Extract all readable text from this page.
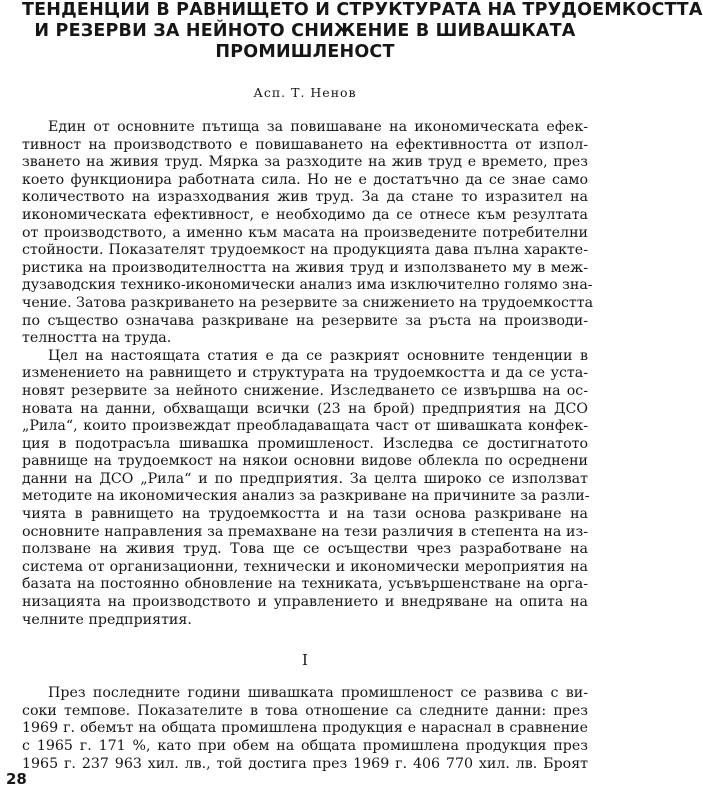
ТЕНДЕНЦИИ В РАВНИЩЕТО И СТРУКТУРАТА НА ТРУДОЕМКОСТТА
И РЕЗЕРВИ ЗА НЕЙНОТО СНИЖЕНИЕ В ШИВАШКАТА
ПРОМИШЛЕНОСТ
Асп. Т. Ненов
Един от основните пътища за повишаване на икономическата ефек-
тивност на производството е повишаването на ефективността от изпол-
зването на живия труд. Мярка за разходите на жив труд е времето, през
което функционира работната сила. Но не е достатъчно да се знае само
количеството на изразходвания жив труд. За да стане то изразител на
икономическата ефективност, е необходимо да се отнесе към резултата
от производството, а именно към масата на произведените потребителни
стойности. Показателят трудоемкост на продукцията дава пълна характе-
ристика на производителността на живия труд и използването му в меж-
дузаводския технико-икономически анализ има изключително голямо зна-
чение. Затова разкриването на резервите за снижението на трудоемкостта
по същество означава разкриване на резервите за ръста на производи-
телността на труда.
Цел на настоящата статия е да се разкрият основните тенденции в
изменението на равнището и структурата на трудоемкостта и да се уста-
новят резервите за нейното снижение. Изследването се извършва на ос-
новата на данни, обхващащи всички (23 на брой) предприятия на ДСО
„Рила“, които произвеждат преобладаващата част от шивашката конфек-
ция в подотрасъла шивашка промишленост. Изследва се достигнатото
равнище на трудоемкост на някои основни видове облекла по осреднени
данни на ДСО „Рила“ и по предприятия. За целта широко се използват
методите на икономическия анализ за разкриване на причините за разли-
чията в равнището на трудоемкостта и на тази основа разкриване на
основните направления за премахване на тези различия в степента на из-
ползване на живия труд. Това ще се осъществи чрез разработване на
система от организационни, технически и икономически мероприятия на
базата на постоянно обновление на техниката, усъвършенстване на орга-
низацията на производството и управлението и внедряване на опита на
челните предприятия.
I
През последните години шивашката промишленост се развива с ви-
соки темпове. Показателите в това отношение са следните данни: през
1969 г. обемът на общата промишлена продукция е нараснал в сравнение
с 1965 г. 171 %, като при обем на общата промишлена продукция през
1965 г. 237 963 хил. лв., той достига през 1969 г. 406 770 хил. лв. Броят
28
